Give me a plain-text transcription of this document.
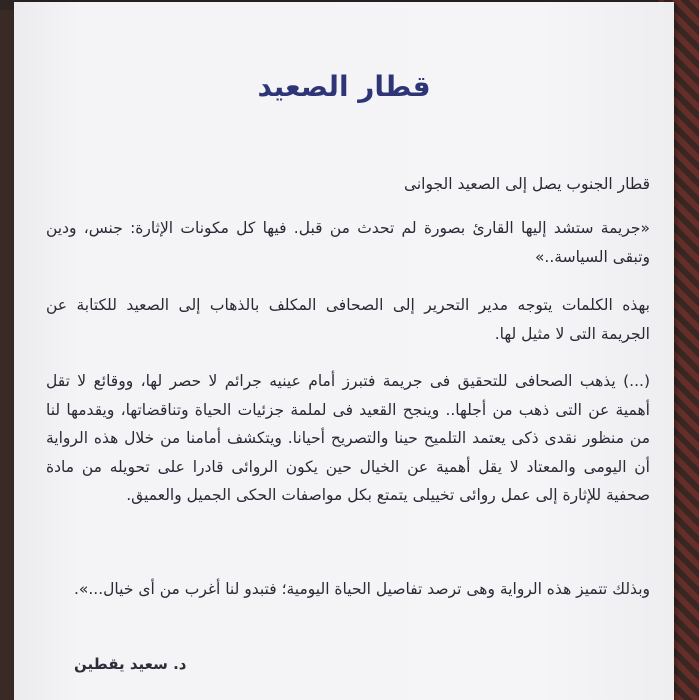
قطار الصعيد

قطار الجنوب يصل إلى الصعيد الجوانى

«جريمة ستشد إليها القارئ بصورة لم تحدث من قبل. فيها كل مكونات الإثارة: جنس، ودين وتبقى السياسة..»

بهذه الكلمات يتوجه مدير التحرير إلى الصحافى المكلف بالذهاب إلى الصعيد للكتابة عن الجريمة التى لا مثيل لها.

(...) يذهب الصحافى للتحقيق فى جريمة فتبرز أمام عينيه جرائم لا حصر لها، ووقائع لا تقل أهمية عن التى ذهب من أجلها.. وينجح القعيد فى لملمة جزئيات الحياة وتناقضاتها، ويقدمها لنا من منظور نقدى ذكى يعتمد التلميح حينا والتصريح أحيانا. ويتكشف أمامنا من خلال هذه الرواية أن اليومى والمعتاد لا يقل أهمية عن الخيال حين يكون الروائى قادرا على تحويله من مادة صحفية للإثارة إلى عمل روائى تخييلى يتمتع بكل مواصفات الحكى الجميل والعميق.

وبذلك تتميز هذه الرواية وهى ترصد تفاصيل الحياة اليومية؛ فتبدو لنا أغرب من أى خيال...».

د. سعيد يقطين
